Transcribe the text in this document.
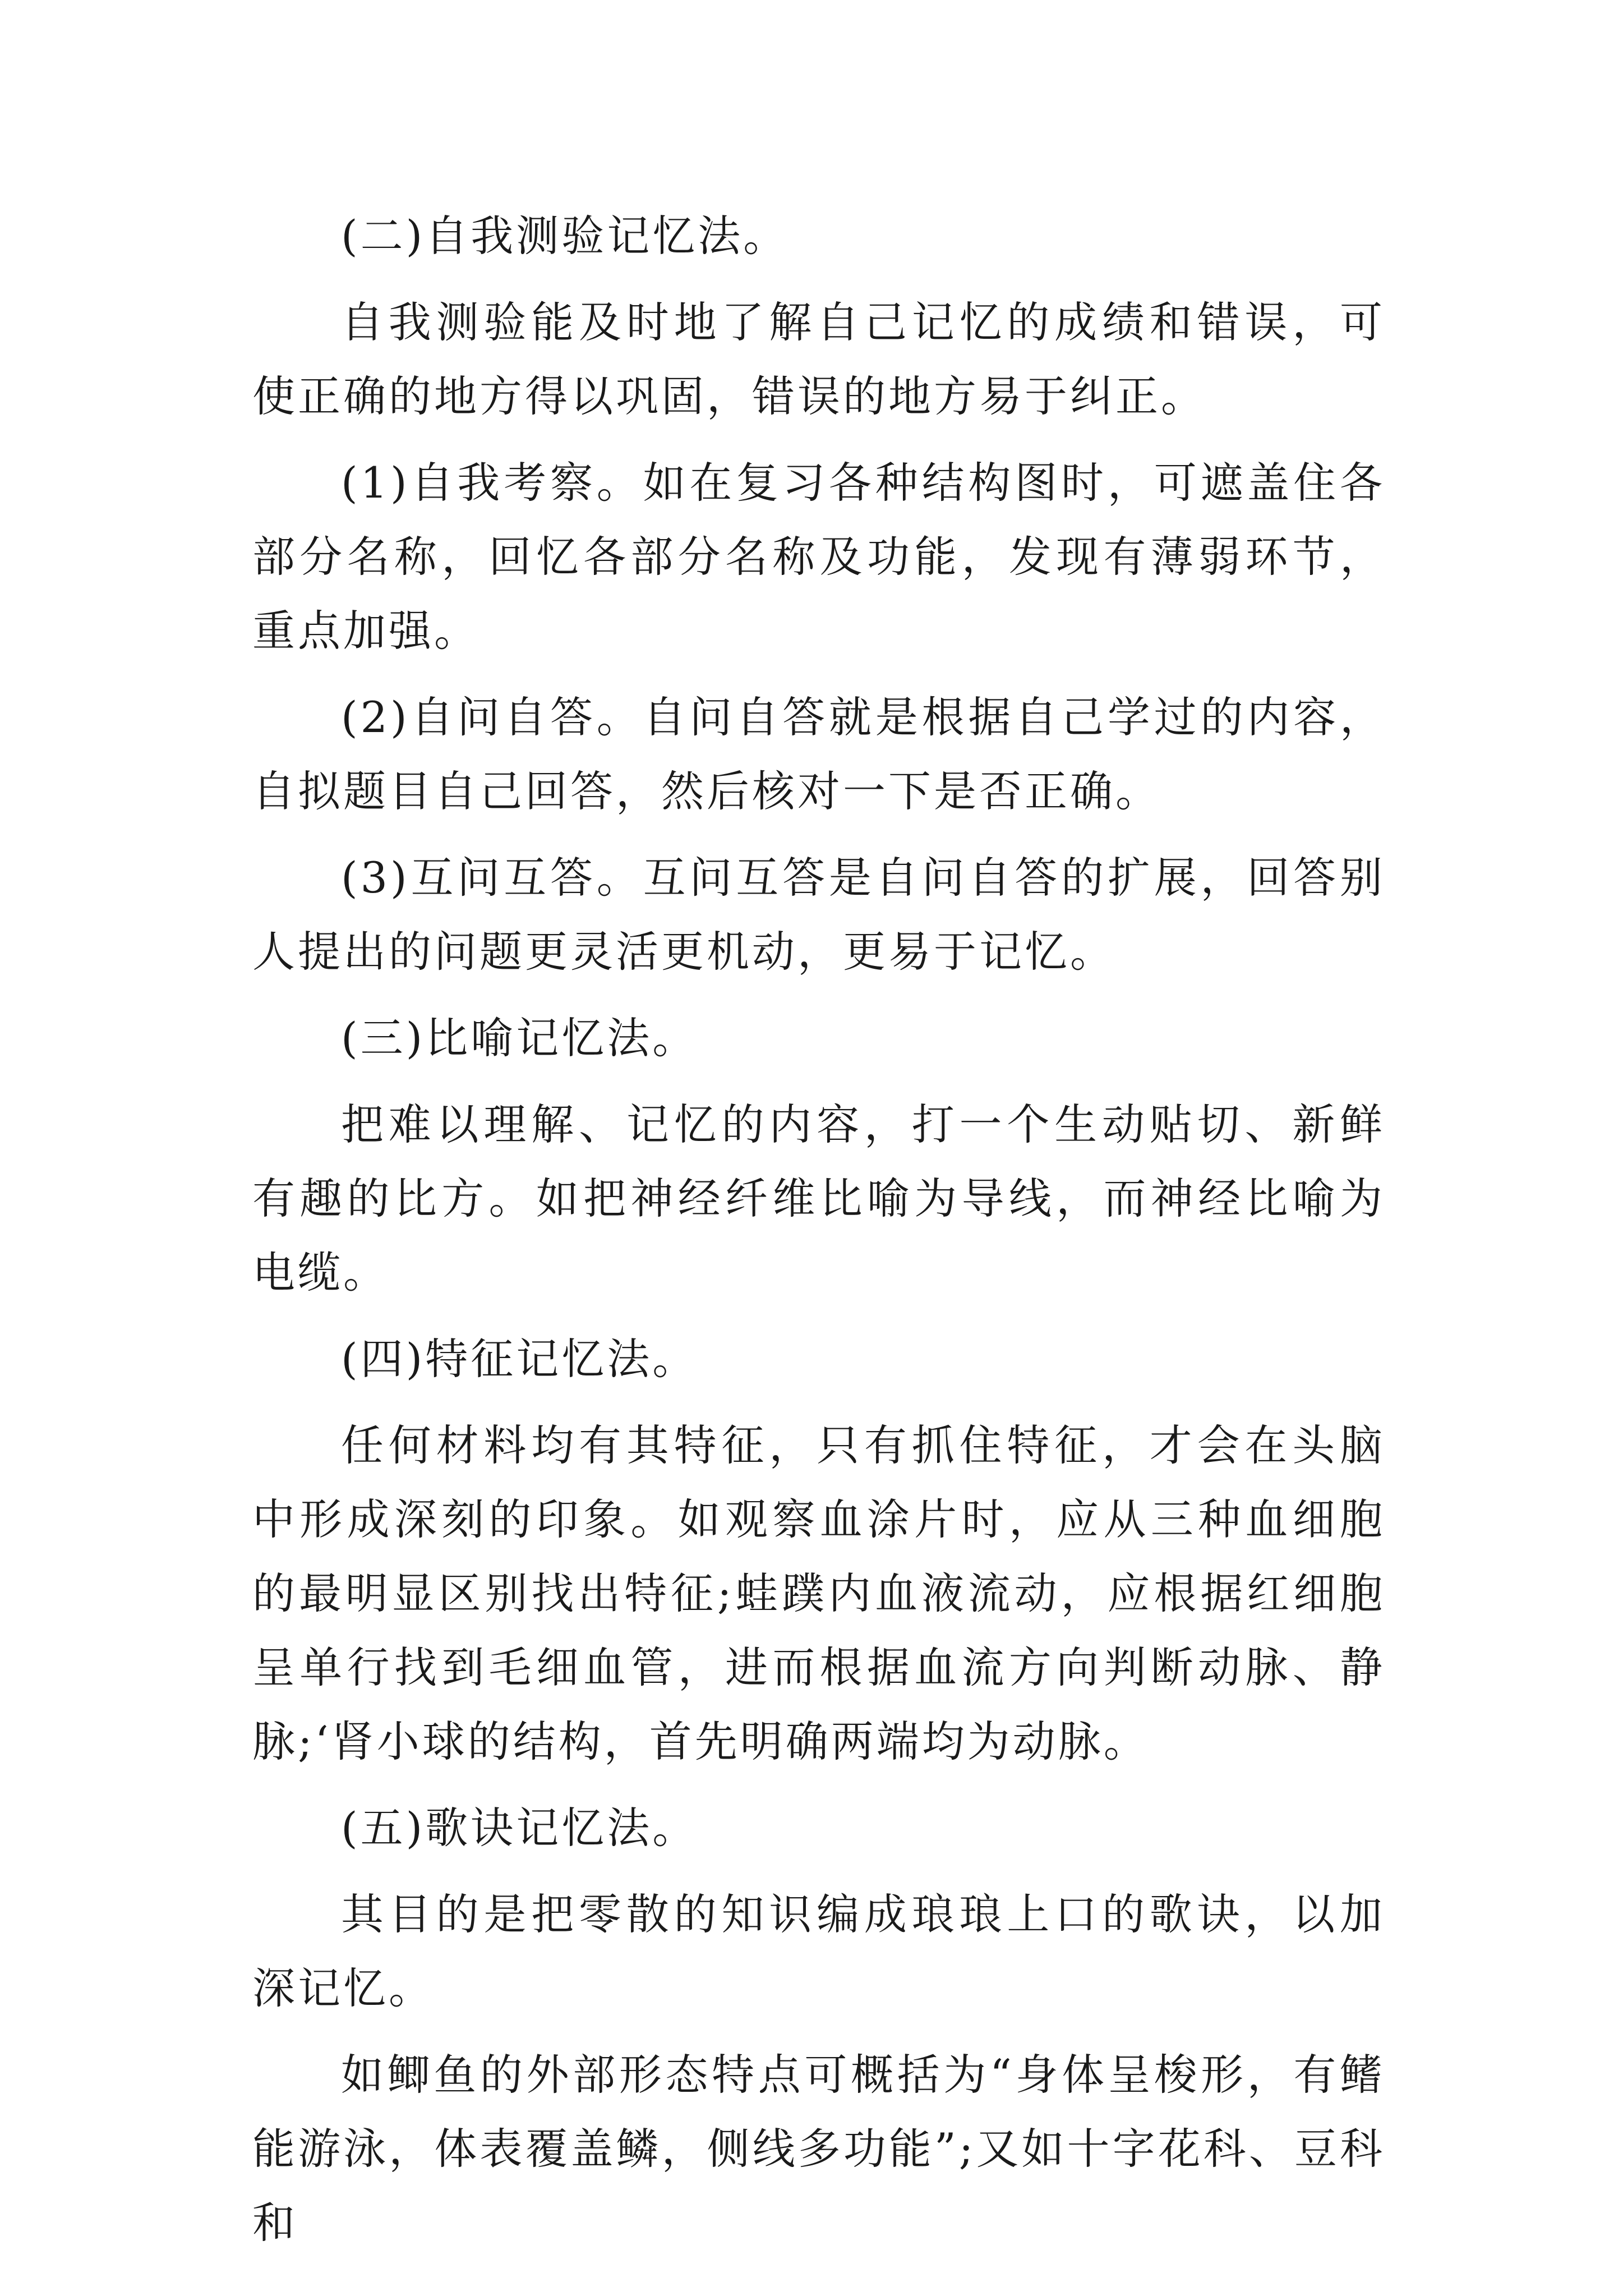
(二)自我测验记忆法。

自我测验能及时地了解自己记忆的成绩和错误，可使正确的地方得以巩固，错误的地方易于纠正。

(1)自我考察。如在复习各种结构图时，可遮盖住各部分名称，回忆各部分名称及功能，发现有薄弱环节，重点加强。

(2)自问自答。自问自答就是根据自己学过的内容，自拟题目自己回答，然后核对一下是否正确。

(3)互问互答。互问互答是自问自答的扩展，回答别人提出的问题更灵活更机动，更易于记忆。

(三)比喻记忆法。

把难以理解、记忆的内容，打一个生动贴切、新鲜有趣的比方。如把神经纤维比喻为导线，而神经比喻为电缆。

(四)特征记忆法。

任何材料均有其特征，只有抓住特征，才会在头脑中形成深刻的印象。如观察血涂片时，应从三种血细胞的最明显区别找出特征;蛙蹼内血液流动，应根据红细胞呈单行找到毛细血管，进而根据血流方向判断动脉、静脉;‘肾小球的结构，首先明确两端均为动脉。

(五)歌诀记忆法。

其目的是把零散的知识编成琅琅上口的歌诀，以加深记忆。

如鲫鱼的外部形态特点可概括为“身体呈梭形，有鳍能游泳，体表覆盖鳞，侧线多功能”;又如十字花科、豆科和
